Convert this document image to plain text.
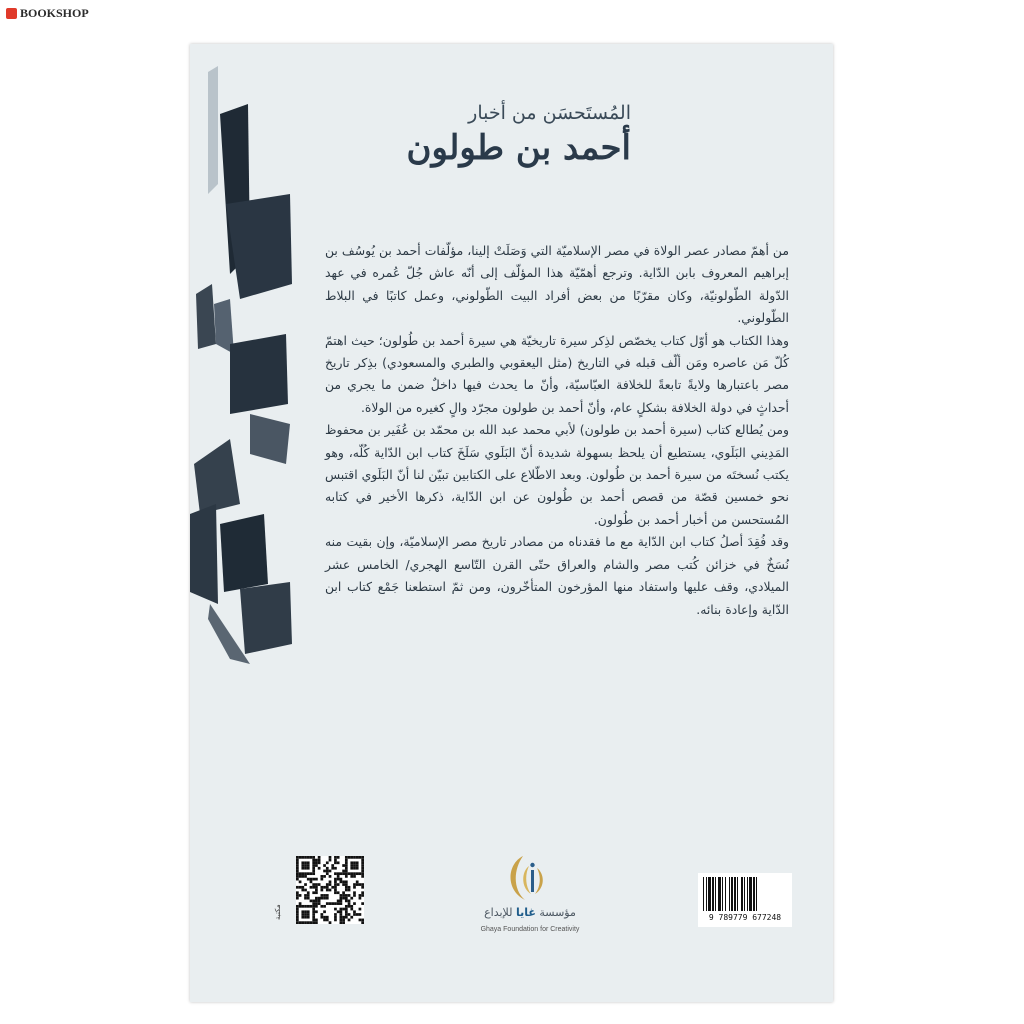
BOOKSHOP
المُستَحسَن من أخبار
أحمد بن طولون

من أهمّ مصادر عصر الولاة في مصر الإسلاميّة التي وَصَلَتْ إلينا، مؤلّفات أحمد بن يُوسُف بن إبراهيم المعروف بابن الدّاية. وترجع أهمّيّة هذا المؤلّف إلى أنّه عاش جُلّ عُمره في عهد الدّولة الطّولونيّة، وكان مقرّبًا من بعض أفراد البيت الطّولوني، وعمل كاتبًا في البلاط الطّولوني.

وهذا الكتاب هو أوّل كتاب يخصّص لذِكر سيرة تاريخيّة هي سيرة أحمد بن طُولون؛ حيث اهتمّ كُلّ مَن عاصره ومَن ألّف قبله في التاريخ (مثل اليعقوبي والطبري والمسعودي) بذِكر تاريخ مصر باعتبارها ولايةً تابعةً للخلافة العبّاسيّة، وأنّ ما يحدث فيها داخلٌ ضمن ما يجري من أحداثٍ في دولة الخلافة بشكلٍ عام، وأنّ أحمد بن طولون مجرّد والٍ كغيره من الولاة.

ومن يُطالع كتاب (سيرة أحمد بن طولون) لأبي محمد عبد الله بن محمّد بن عُفَير بن محفوظ المَدِيني البَلَوي، يستطيع أن يلحظ بسهولة شديدة أنّ البَلَوي سَلَخَ كتاب ابن الدّاية كُلّه، وهو يكتب نُسختَه من سيرة أحمد بن طُولون. وبعد الاطّلاع على الكتابين تبيّن لنا أنّ البَلَوي اقتبس نحو خمسين قصّة من قصص أحمد بن طُولون عن ابن الدّاية، ذكرها الأخير في كتابه المُستحسن من أخبار أحمد بن طُولون.

وقد فُقِدَ أصلُ كتاب ابن الدّاية مع ما فقدناه من مصادر تاريخ مصر الإسلاميّة، وإن بقيت منه نُسَخٌ في خزائن كُتب مصر والشام والعراق حتّى القرن التّاسع الهجري/ الخامس عشر الميلادي، وقف عليها واستفاد منها المؤرخون المتأخّرون، ومن ثمّ استطعنا جَمْع كتاب ابن الدّاية وإعادة بنائه.

9 789779 677248
مؤسسة غايا للإبداع
Ghaya Foundation for Creativity
مكتبة
